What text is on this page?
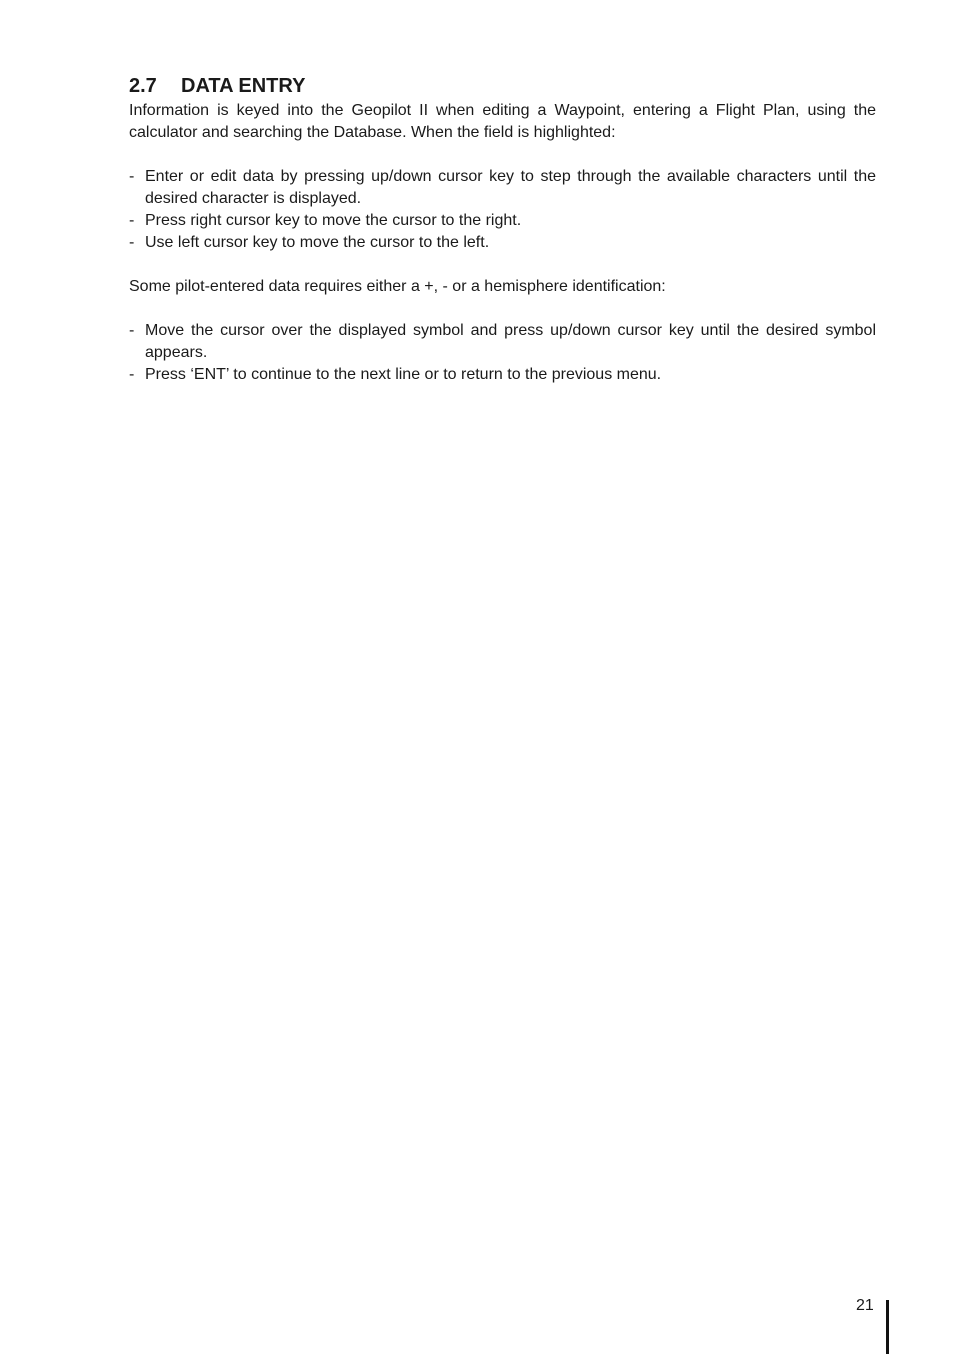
2.7	DATA ENTRY

Information is keyed into the Geopilot II when editing a Waypoint, entering a Flight Plan, using the calculator and searching the Database. When the field is highlighted:

- Enter or edit data by pressing up/down cursor key to step through the available characters until the desired character is displayed.
- Press right cursor key to move the cursor to the right.
- Use left cursor key to move the cursor to the left.

Some pilot-entered data requires either a +, - or a hemisphere identification:

- Move the cursor over the displayed symbol and press up/down cursor key until the desired symbol appears.
- Press ‘ENT’ to continue to the next line or to return to the previous menu.
21
